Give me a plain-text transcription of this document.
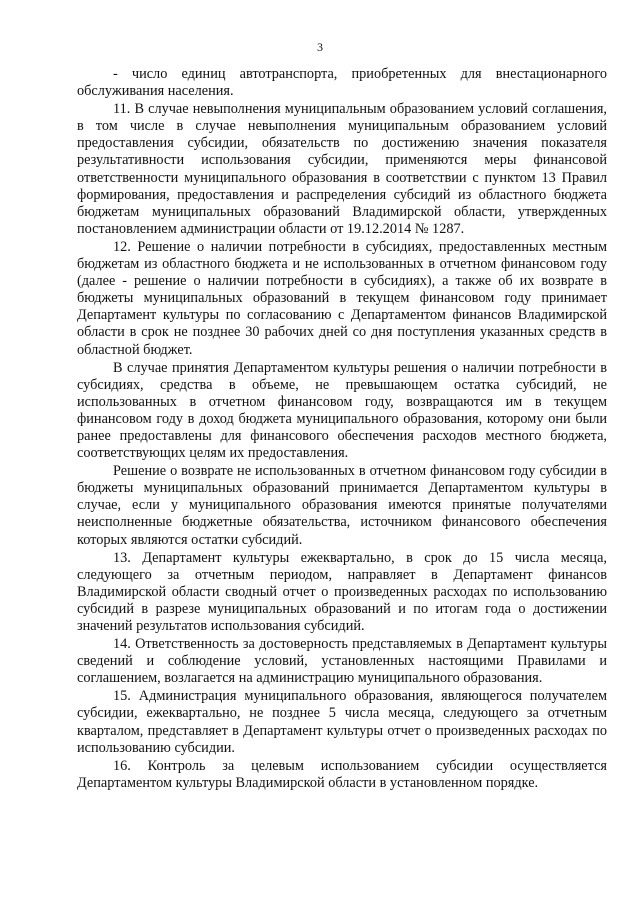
3

- число единиц автотранспорта, приобретенных для внестационарного обслуживания населения.

11. В случае невыполнения муниципальным образованием условий соглашения, в том числе в случае невыполнения муниципальным образованием условий предоставления субсидии, обязательств по достижению значения показателя результативности использования субсидии, применяются меры финансовой ответственности муниципального образования в соответствии с пунктом 13 Правил формирования, предоставления и распределения субсидий из областного бюджета бюджетам муниципальных образований Владимирской области, утвержденных постановлением администрации области от 19.12.2014 № 1287.

12. Решение о наличии потребности в субсидиях, предоставленных местным бюджетам из областного бюджета и не использованных в отчетном финансовом году (далее - решение о наличии потребности в субсидиях), а также об их возврате в бюджеты муниципальных образований в текущем финансовом году принимает Департамент культуры по согласованию с Департаментом финансов Владимирской области в срок не позднее 30 рабочих дней со дня поступления указанных средств в областной бюджет.

В случае принятия Департаментом культуры решения о наличии потребности в субсидиях, средства в объеме, не превышающем остатка субсидий, не использованных в отчетном финансовом году, возвращаются им в текущем финансовом году в доход бюджета муниципального образования, которому они были ранее предоставлены для финансового обеспечения расходов местного бюджета, соответствующих целям их предоставления.

Решение о возврате не использованных в отчетном финансовом году субсидии в бюджеты муниципальных образований принимается Департаментом культуры в случае, если у муниципального образования имеются принятые получателями неисполненные бюджетные обязательства, источником финансового обеспечения которых являются остатки субсидий.

13. Департамент культуры ежеквартально, в срок до 15 числа месяца, следующего за отчетным периодом, направляет в Департамент финансов Владимирской области сводный отчет о произведенных расходах по использованию субсидий в разрезе муниципальных образований и по итогам года о достижении значений результатов использования субсидий.

14. Ответственность за достоверность представляемых в Департамент культуры сведений и соблюдение условий, установленных настоящими Правилами и соглашением, возлагается на администрацию муниципального образования.

15. Администрация муниципального образования, являющегося получателем субсидии, ежеквартально, не позднее 5 числа месяца, следующего за отчетным кварталом, представляет в Департамент культуры отчет о произведенных расходах по использованию субсидии.

16. Контроль за целевым использованием субсидии осуществляется Департаментом культуры Владимирской области в установленном порядке.
